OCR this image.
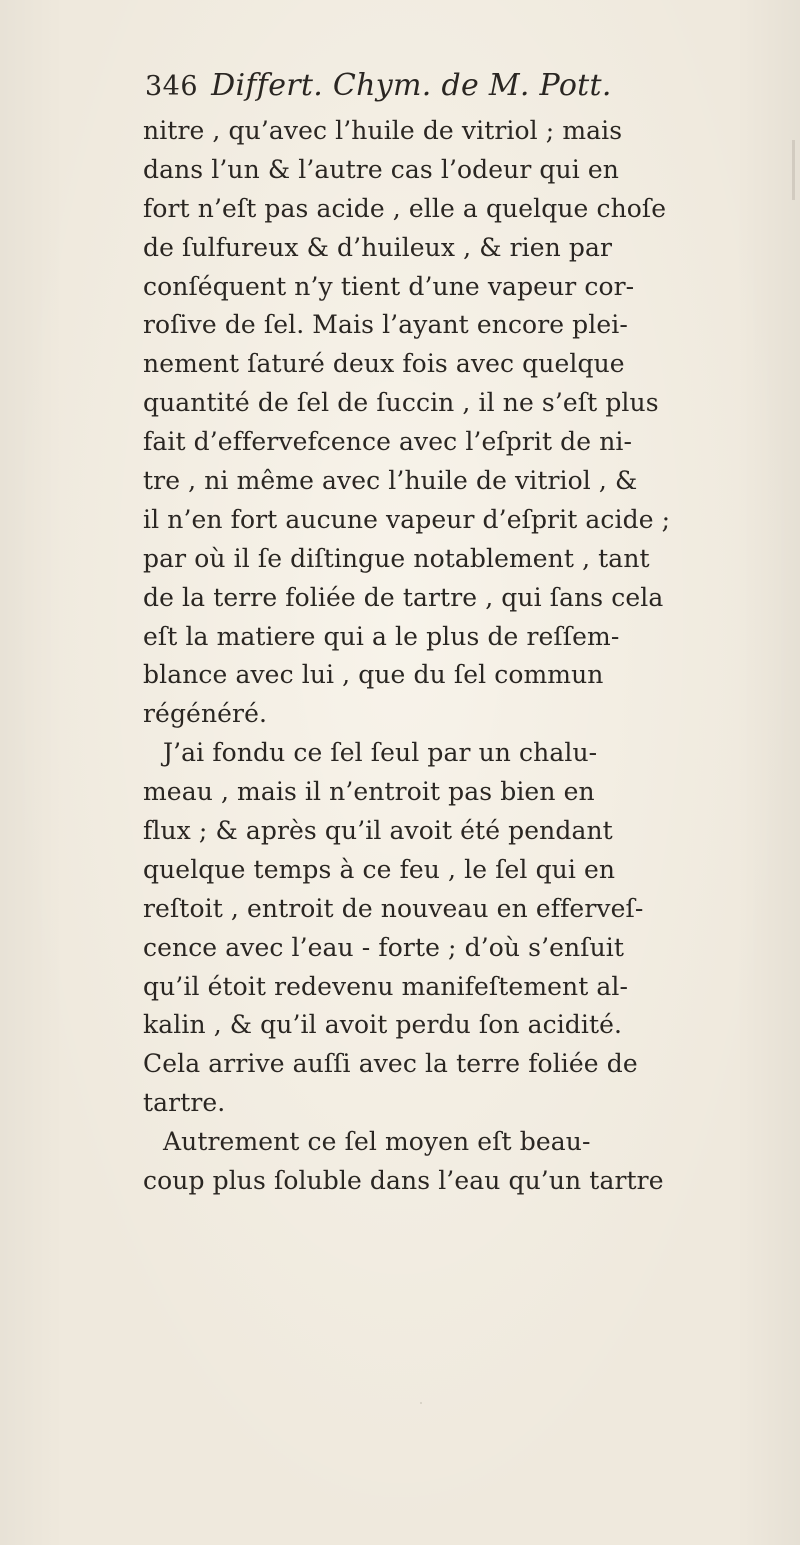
346 Differt. Chym. de M. Pott.
nitre , qu’avec l’huile de vitriol ; mais
dans l’un & l’autre cas l’odeur qui en
fort n’eſt pas acide , elle a quelque choſe
de ſulfureux & d’huileux , & rien par
conſéquent n’y tient d’une vapeur cor-
roſive de ſel. Mais l’ayant encore plei-
nement ſaturé deux fois avec quelque
quantité de ſel de ſuccin , il ne s’eſt plus
fait d’effervefcence avec l’eſprit de ni-
tre , ni même avec l’huile de vitriol , &
il n’en fort aucune vapeur d’eſprit acide ;
par où il ſe diſtingue notablement , tant
de la terre foliée de tartre , qui ſans cela
eſt la matiere qui a le plus de reſſem-
blance avec lui , que du ſel commun
régénéré.
J’ai fondu ce ſel ſeul par un chalu-
meau , mais il n’entroit pas bien en
flux ; & après qu’il avoit été pendant
quelque temps à ce feu , le ſel qui en
reſtoit , entroit de nouveau en efferveſ-
cence avec l’eau - forte ; d’où s’enſuit
qu’il étoit redevenu manifeſtement al-
kalin , & qu’il avoit perdu ſon acidité.
Cela arrive auſſi avec la terre foliée de
tartre.
Autrement ce ſel moyen eſt beau-
coup plus ſoluble dans l’eau qu’un tartre
